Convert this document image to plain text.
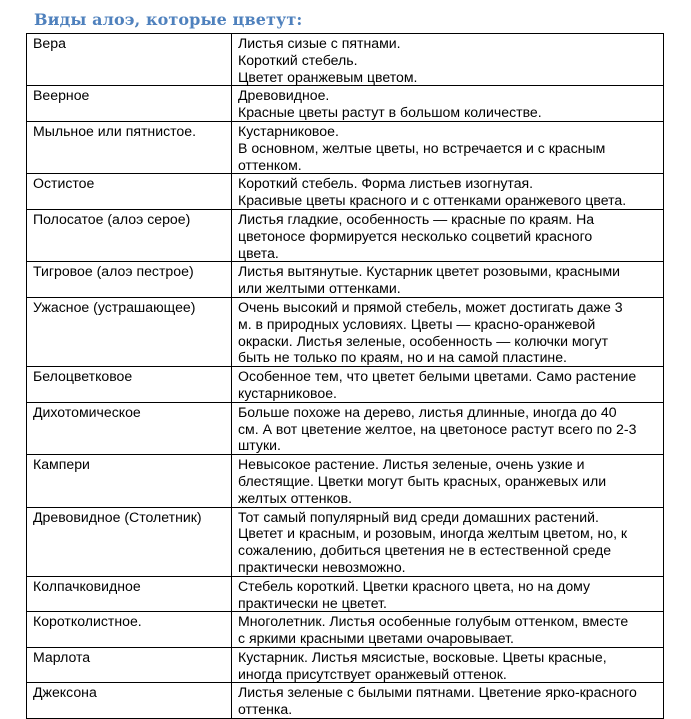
Виды алоэ, которые цветут:
Вера	Листья сизые с пятнами.
Короткий стебель.
Цветет оранжевым цветом.
Веерное	Древовидное.
Красные цветы растут в большом количестве.
Мыльное или пятнистое.	Кустарниковое.
В основном, желтые цветы, но встречается и с красным
оттенком.
Остистое	Короткий стебель. Форма листьев изогнутая.
Красивые цветы красного и с оттенками оранжевого цвета.
Полосатое (алоэ серое)	Листья гладкие, особенность — красные по краям. На
цветоносе формируется несколько соцветий красного
цвета.
Тигровое (алоэ пестрое)	Листья вытянутые. Кустарник цветет розовыми, красными
или желтыми оттенками.
Ужасное (устрашающее)	Очень высокий и прямой стебель, может достигать даже 3
м. в природных условиях. Цветы — красно-оранжевой
окраски. Листья зеленые, особенность — колючки могут
быть не только по краям, но и на самой пластине.
Белоцветковое	Особенное тем, что цветет белыми цветами. Само растение
кустарниковое.
Дихотомическое	Больше похоже на дерево, листья длинные, иногда до 40
см. А вот цветение желтое, на цветоносе растут всего по 2-3
штуки.
Кампери	Невысокое растение. Листья зеленые, очень узкие и
блестящие. Цветки могут быть красных, оранжевых или
желтых оттенков.
Древовидное (Столетник)	Тот самый популярный вид среди домашних растений.
Цветет и красным, и розовым, иногда желтым цветом, но, к
сожалению, добиться цветения не в естественной среде
практически невозможно.
Колпачковидное	Стебель короткий. Цветки красного цвета, но на дому
практически не цветет.
Коротколистное.	Многолетник. Листья особенные голубым оттенком, вместе
с яркими красными цветами очаровывает.
Марлота	Кустарник. Листья мясистые, восковые. Цветы красные,
иногда присутствует оранжевый оттенок.
Джексона	Листья зеленые с былыми пятнами. Цветение ярко-красного
оттенка.
